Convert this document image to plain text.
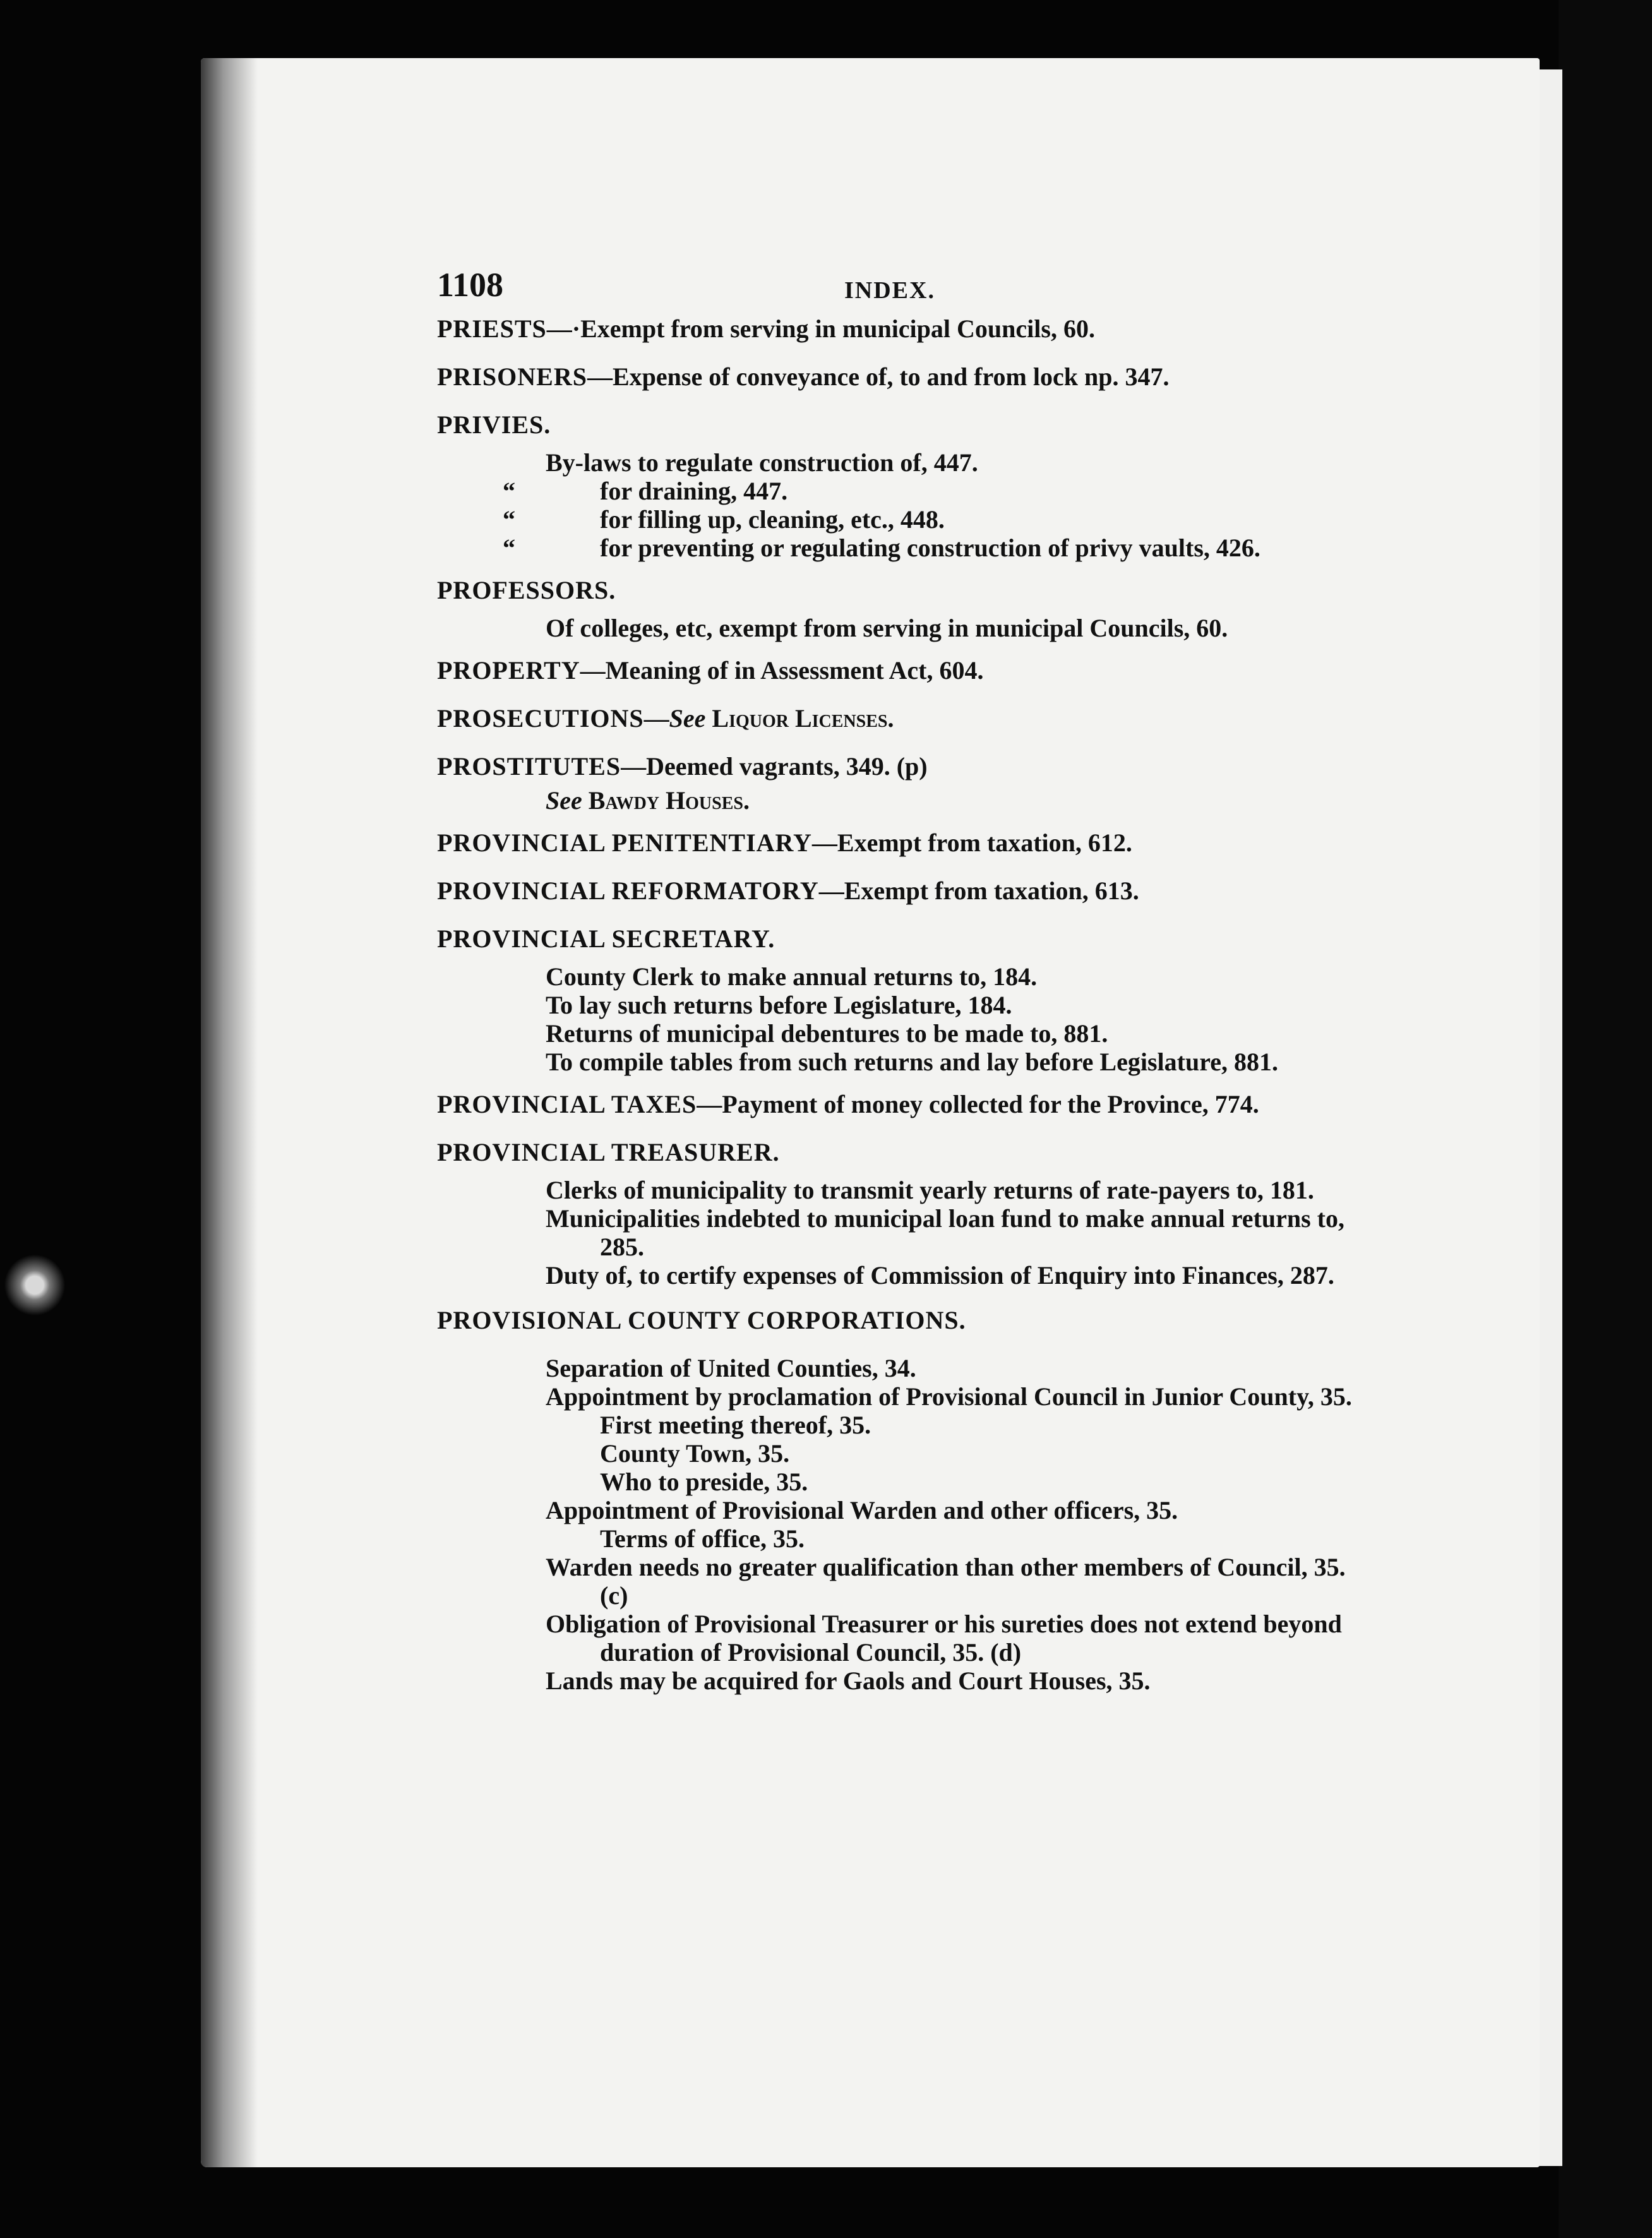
1108	INDEX.
PRIESTS—·Exempt from serving in municipal Councils, 60.
PRISONERS—Expense of conveyance of, to and from lock np. 347.
PRIVIES.
By-laws to regulate construction of, 447.
“	for draining, 447.
“	for filling up, cleaning, etc., 448.
“	for preventing or regulating construction of privy vaults, 426.
PROFESSORS.
Of colleges, etc, exempt from serving in municipal Councils, 60.
PROPERTY—Meaning of in Assessment Act, 604.
PROSECUTIONS—See Liquor Licenses.
PROSTITUTES—Deemed vagrants, 349. (p)
See Bawdy Houses.
PROVINCIAL PENITENTIARY—Exempt from taxation, 612.
PROVINCIAL REFORMATORY—Exempt from taxation, 613.
PROVINCIAL SECRETARY.
County Clerk to make annual returns to, 184.
To lay such returns before Legislature, 184.
Returns of municipal debentures to be made to, 881.
To compile tables from such returns and lay before Legislature, 881.
PROVINCIAL TAXES—Payment of money collected for the Province, 774.
PROVINCIAL TREASURER.
Clerks of municipality to transmit yearly returns of rate-payers to, 181.
Municipalities indebted to municipal loan fund to make annual returns to, 285.
Duty of, to certify expenses of Commission of Enquiry into Finances, 287.
PROVISIONAL COUNTY CORPORATIONS.
Separation of United Counties, 34.
Appointment by proclamation of Provisional Council in Junior County, 35.
First meeting thereof, 35.
County Town, 35.
Who to preside, 35.
Appointment of Provisional Warden and other officers, 35.
Terms of office, 35.
Warden needs no greater qualification than other members of Council, 35. (c)
Obligation of Provisional Treasurer or his sureties does not extend beyond duration of Provisional Council, 35. (d)
Lands may be acquired for Gaols and Court Houses, 35.
